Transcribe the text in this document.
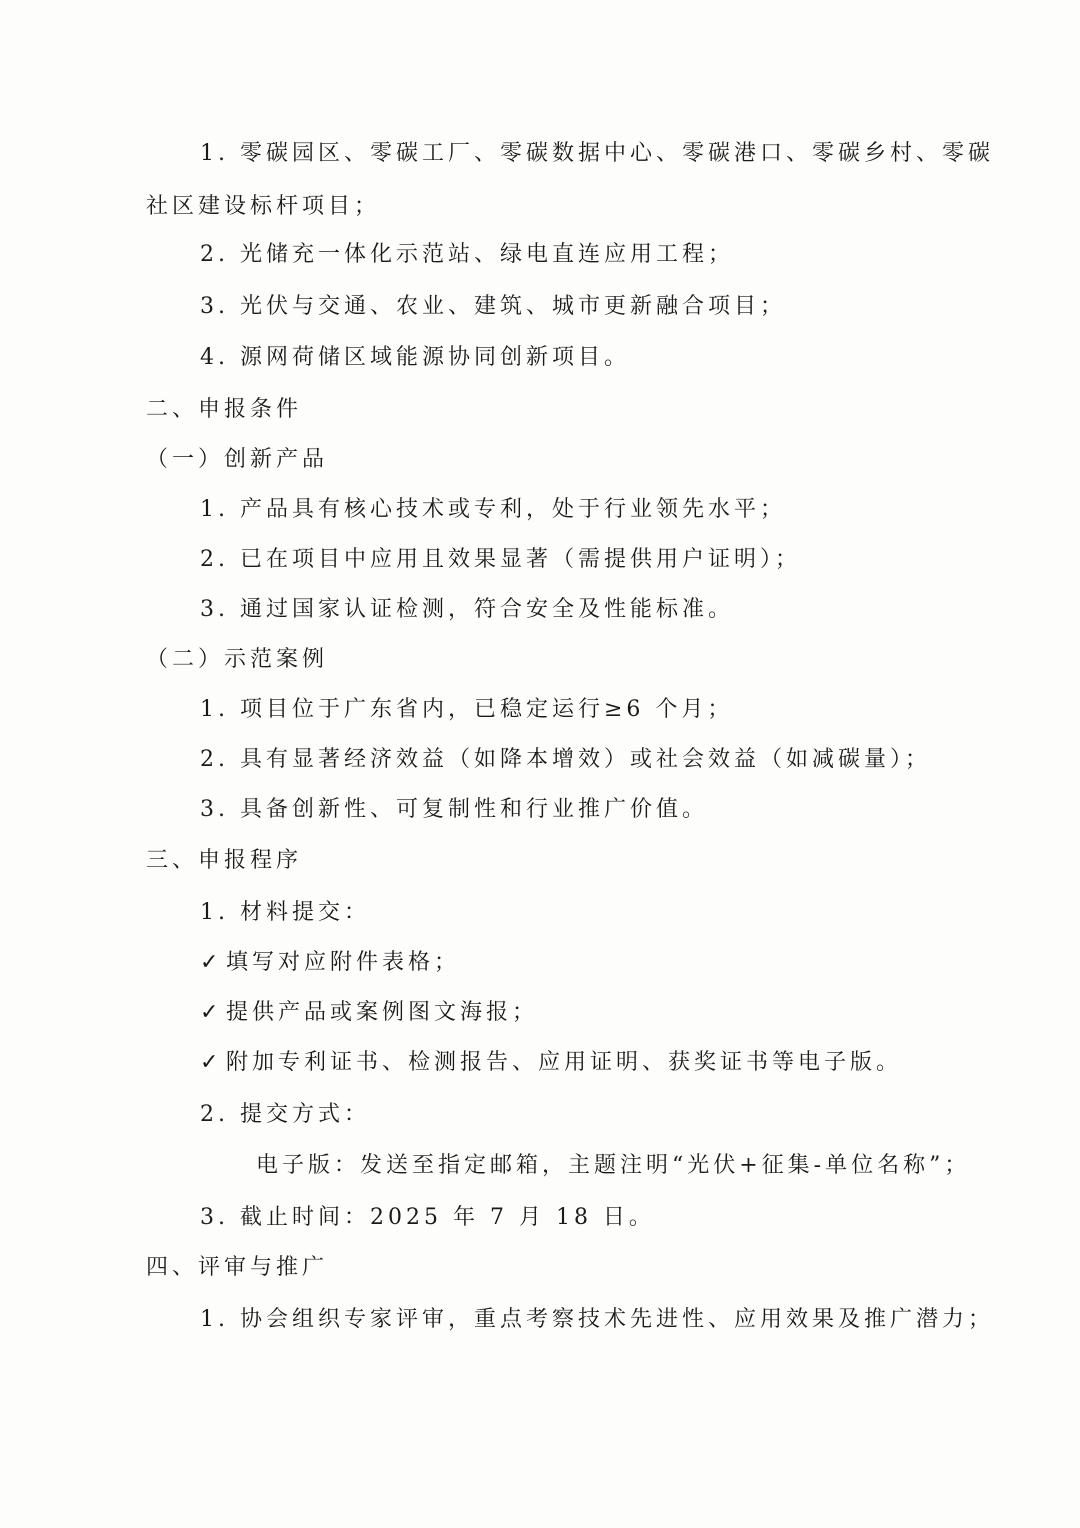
1. 零碳园区、零碳工厂、零碳数据中心、零碳港口、零碳乡村、零碳
社区建设标杆项目；
2. 光储充一体化示范站、绿电直连应用工程；
3. 光伏与交通、农业、建筑、城市更新融合项目；
4. 源网荷储区域能源协同创新项目。
二、申报条件
（一）创新产品
1. 产品具有核心技术或专利，处于行业领先水平；
2. 已在项目中应用且效果显著（需提供用户证明）；
3. 通过国家认证检测，符合安全及性能标准。
（二）示范案例
1. 项目位于广东省内，已稳定运行≥6 个月；
2. 具有显著经济效益（如降本增效）或社会效益（如减碳量）；
3. 具备创新性、可复制性和行业推广价值。
三、申报程序
1. 材料提交：
✓ 填写对应附件表格；
✓ 提供产品或案例图文海报；
✓ 附加专利证书、检测报告、应用证明、获奖证书等电子版。
2. 提交方式：
电子版：发送至指定邮箱，主题注明“光伏+征集-单位名称”；
3. 截止时间：2025 年 7 月 18 日。
四、评审与推广
1. 协会组织专家评审，重点考察技术先进性、应用效果及推广潜力；
